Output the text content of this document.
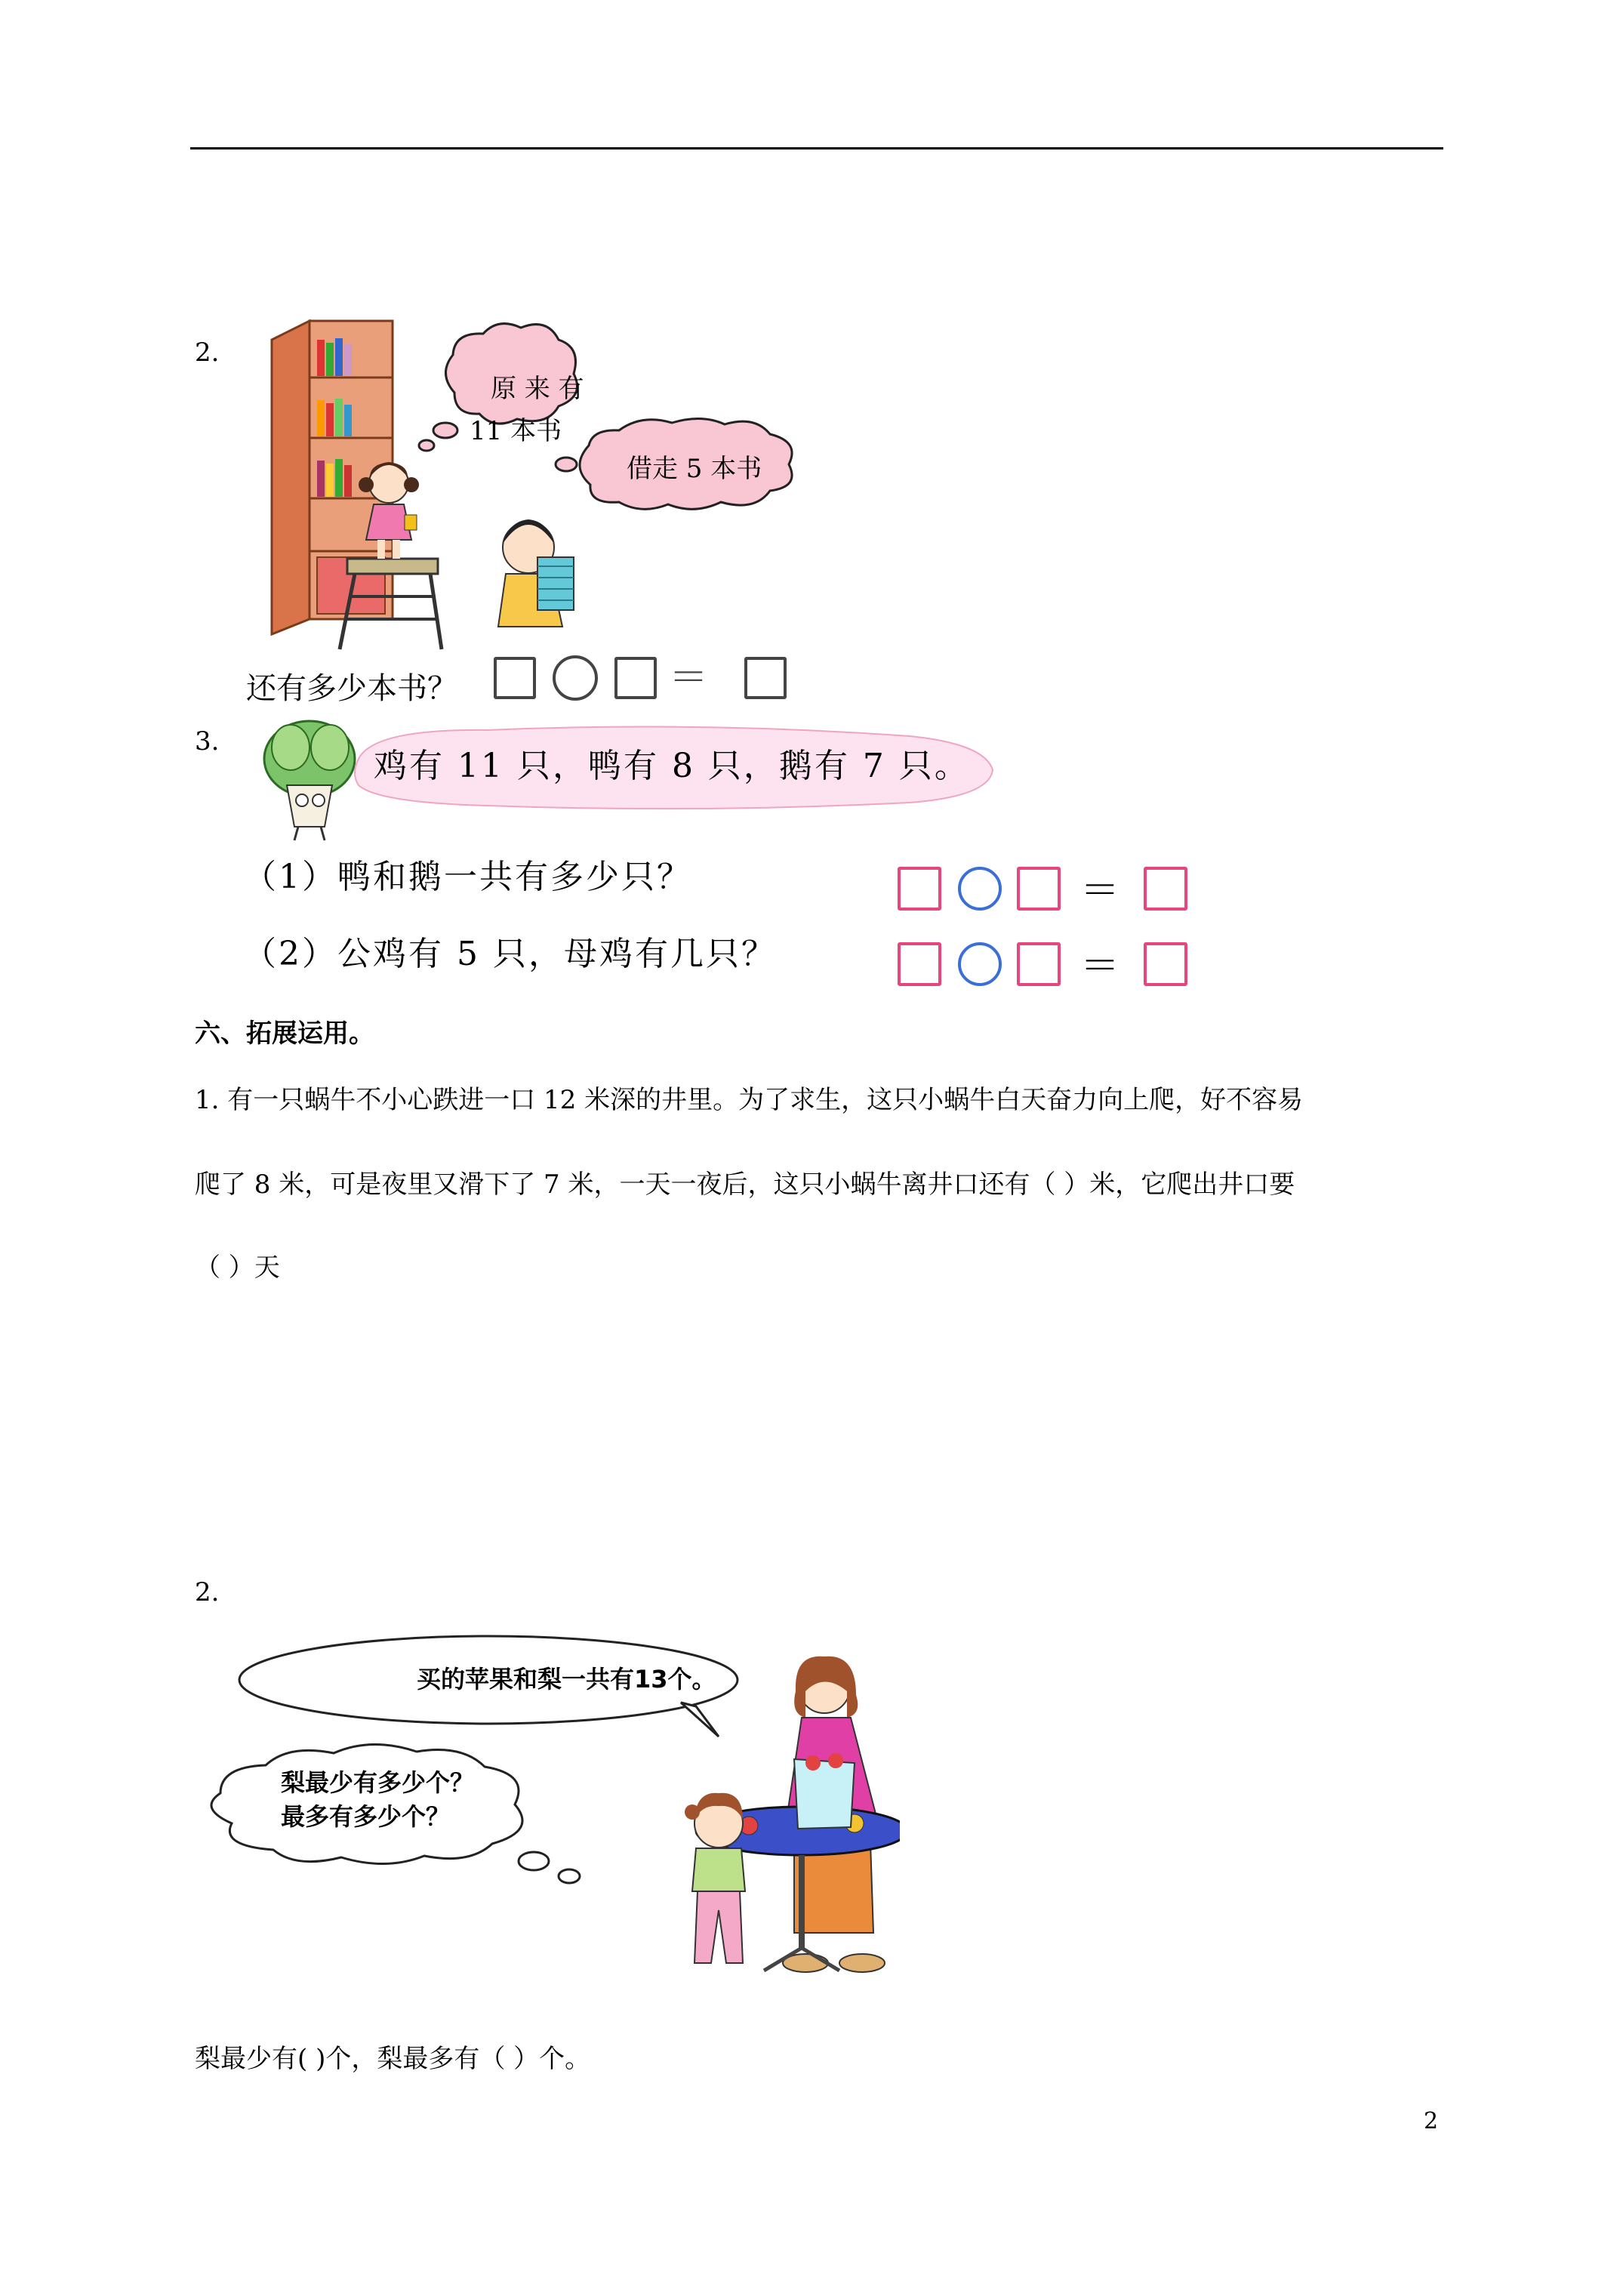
2.
原 来 有
11 本书
借走 5 本书
还有多少本书？	＝
3.
鸡有 11 只，鸭有 8 只，鹅有 7 只。
（1）鸭和鹅一共有多少只？	＝
（2）公鸡有 5 只，母鸡有几只？	＝
六、拓展运用。
1. 有一只蜗牛不小心跌进一口 12 米深的井里。为了求生，这只小蜗牛白天奋力向上爬，好不容易
爬了 8 米，可是夜里又滑下了 7 米，一天一夜后，这只小蜗牛离井口还有（ ）米，它爬出井口要
（ ）天
2.
买的苹果和梨一共有13个。
梨最少有多少个？
最多有多少个？
梨最少有( )个，梨最多有（ ）个。
2
